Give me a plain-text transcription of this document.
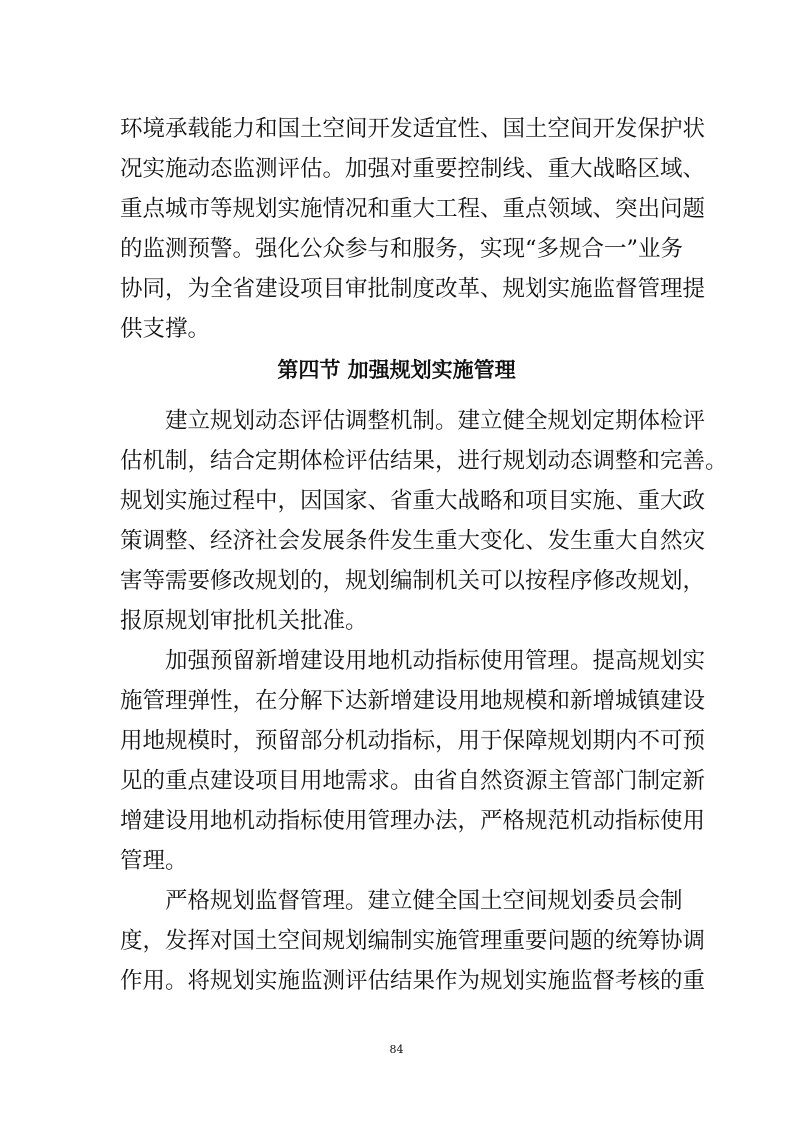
环境承载能力和国土空间开发适宜性、国土空间开发保护状
况实施动态监测评估。加强对重要控制线、重大战略区域、
重点城市等规划实施情况和重大工程、重点领域、突出问题
的监测预警。强化公众参与和服务，实现“多规合一”业务
协同，为全省建设项目审批制度改革、规划实施监督管理提
供支撑。
第四节 加强规划实施管理
建立规划动态评估调整机制。建立健全规划定期体检评
估机制，结合定期体检评估结果，进行规划动态调整和完善。
规划实施过程中，因国家、省重大战略和项目实施、重大政
策调整、经济社会发展条件发生重大变化、发生重大自然灾
害等需要修改规划的，规划编制机关可以按程序修改规划，
报原规划审批机关批准。
加强预留新增建设用地机动指标使用管理。提高规划实
施管理弹性，在分解下达新增建设用地规模和新增城镇建设
用地规模时，预留部分机动指标，用于保障规划期内不可预
见的重点建设项目用地需求。由省自然资源主管部门制定新
增建设用地机动指标使用管理办法，严格规范机动指标使用
管理。
严格规划监督管理。建立健全国土空间规划委员会制
度，发挥对国土空间规划编制实施管理重要问题的统筹协调
作用。将规划实施监测评估结果作为规划实施监督考核的重
84
